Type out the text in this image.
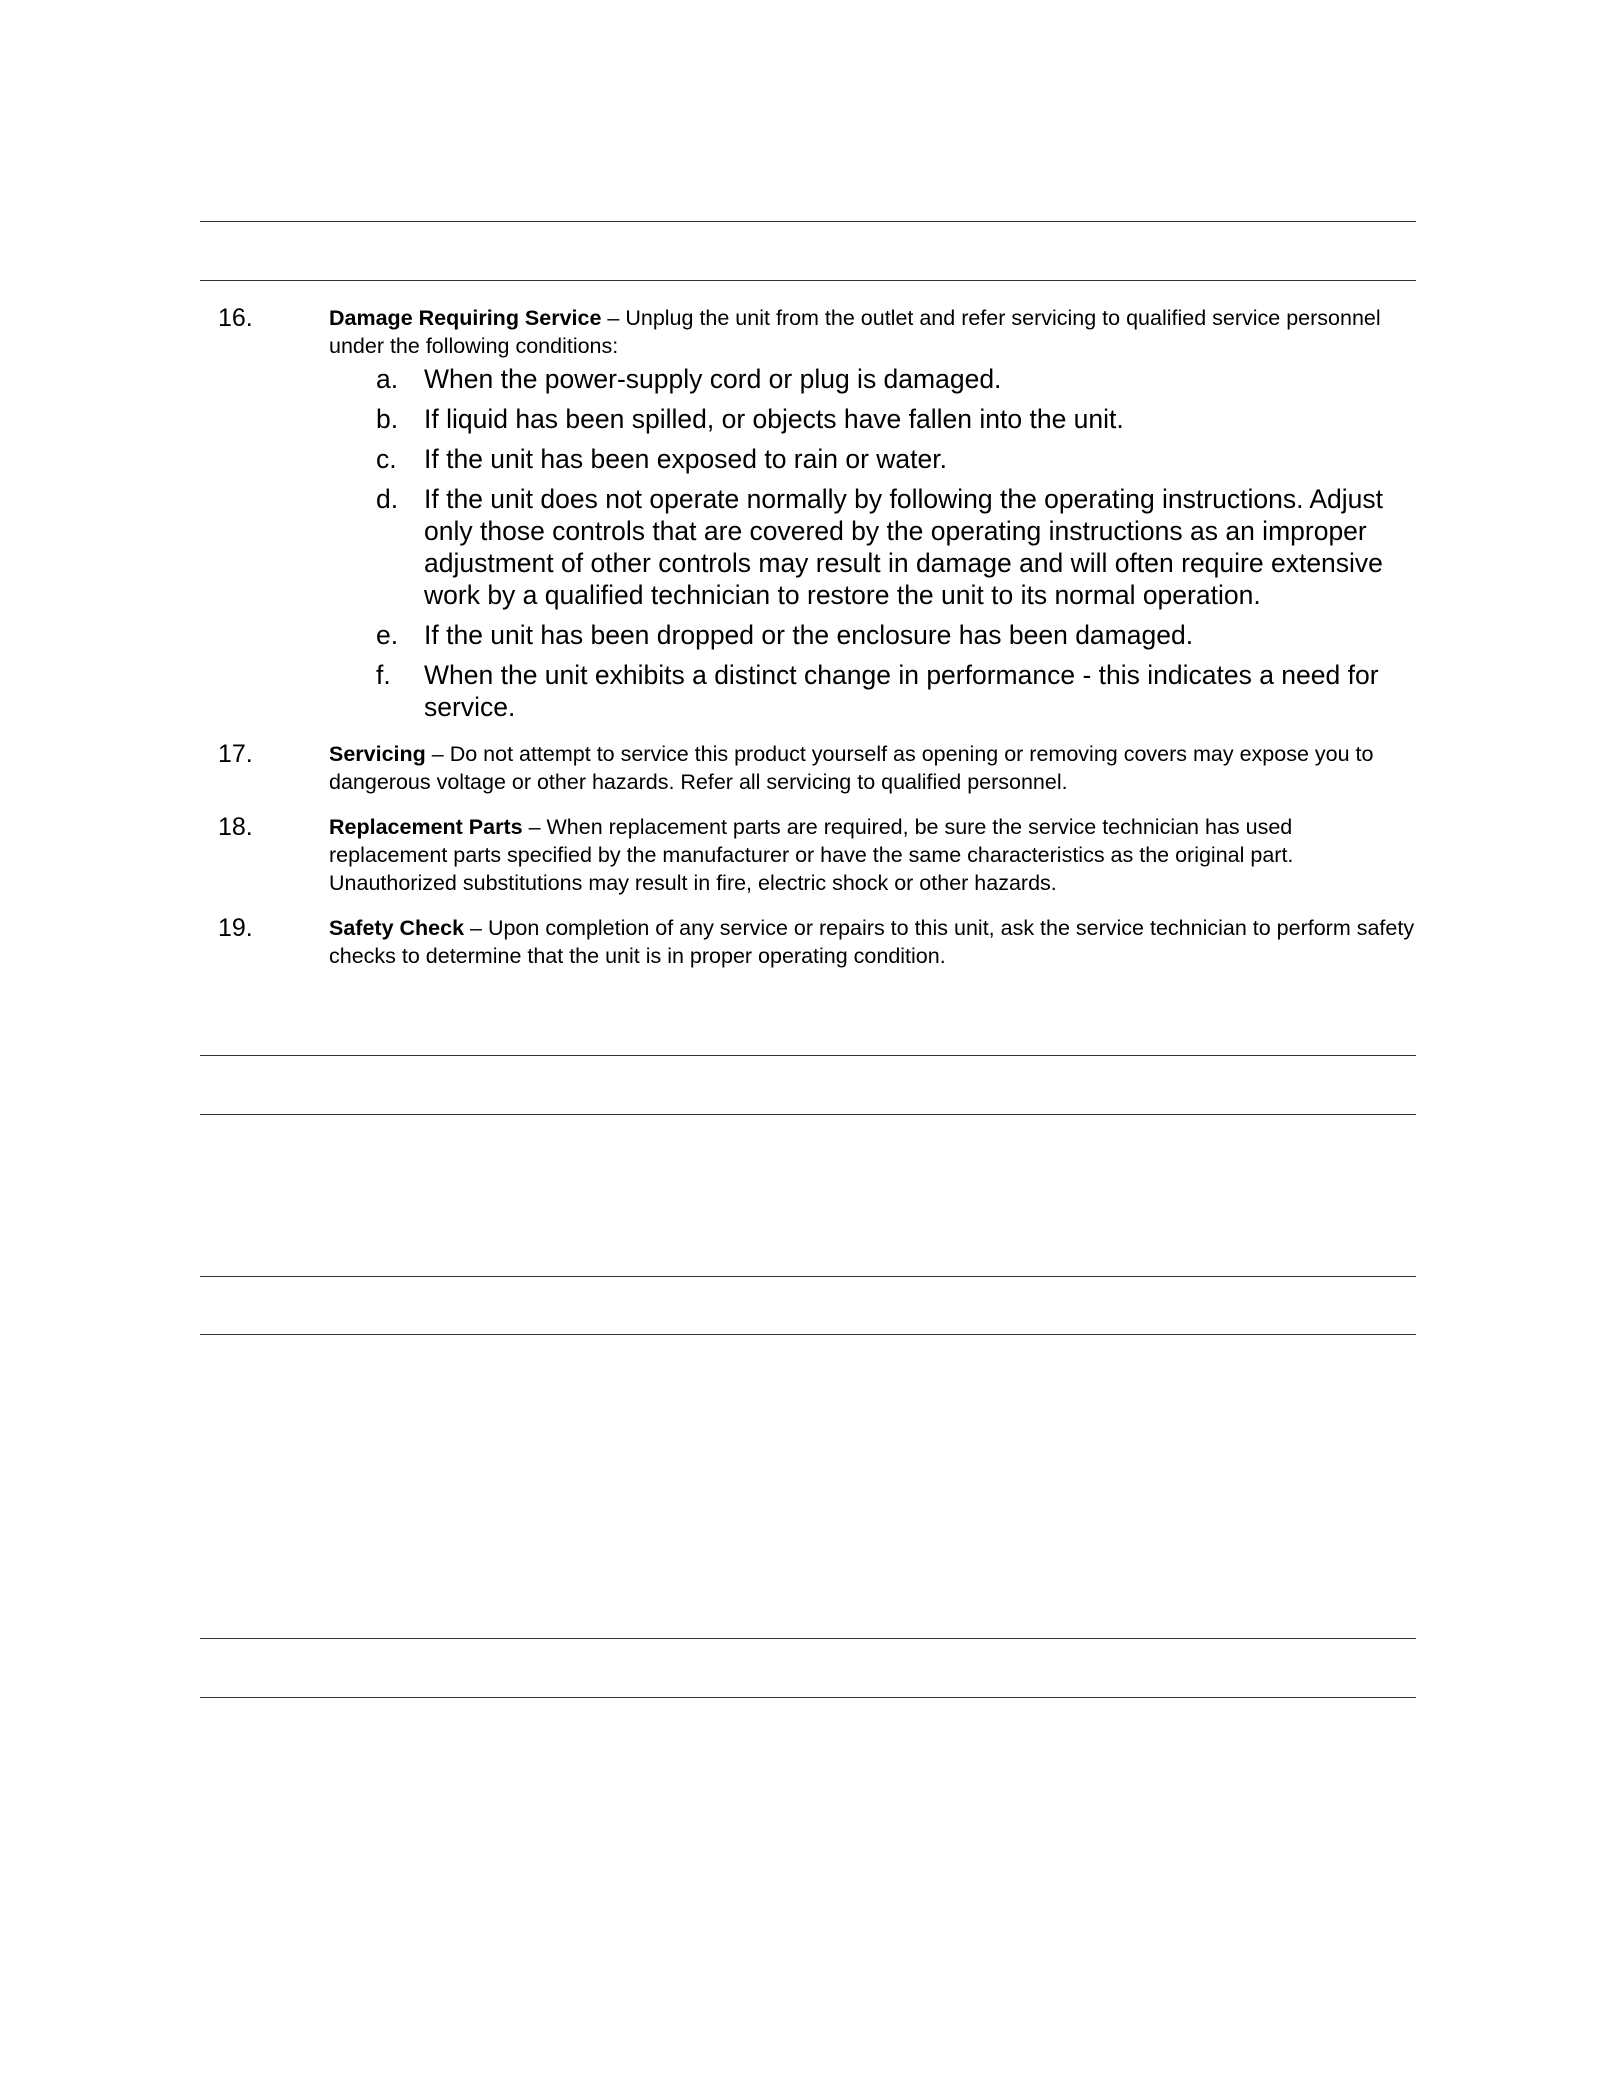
16.	Damage Requiring Service – Unplug the unit from the outlet and refer servicing to qualified service personnel under the following conditions:
a. When the power-supply cord or plug is damaged.
b. If liquid has been spilled, or objects have fallen into the unit.
c. If the unit has been exposed to rain or water.
d. If the unit does not operate normally by following the operating instructions. Adjust only those controls that are covered by the operating instructions as an improper adjustment of other controls may result in damage and will often require extensive work by a qualified technician to restore the unit to its normal operation.
e. If the unit has been dropped or the enclosure has been damaged.
f. When the unit exhibits a distinct change in performance - this indicates a need for service.
17.	Servicing – Do not attempt to service this product yourself as opening or removing covers may expose you to dangerous voltage or other hazards. Refer all servicing to qualified personnel.
18.	Replacement Parts – When replacement parts are required, be sure the service technician has used replacement parts specified by the manufacturer or have the same characteristics as the original part. Unauthorized substitutions may result in fire, electric shock or other hazards.
19.	Safety Check – Upon completion of any service or repairs to this unit, ask the service technician to perform safety checks to determine that the unit is in proper operating condition.
